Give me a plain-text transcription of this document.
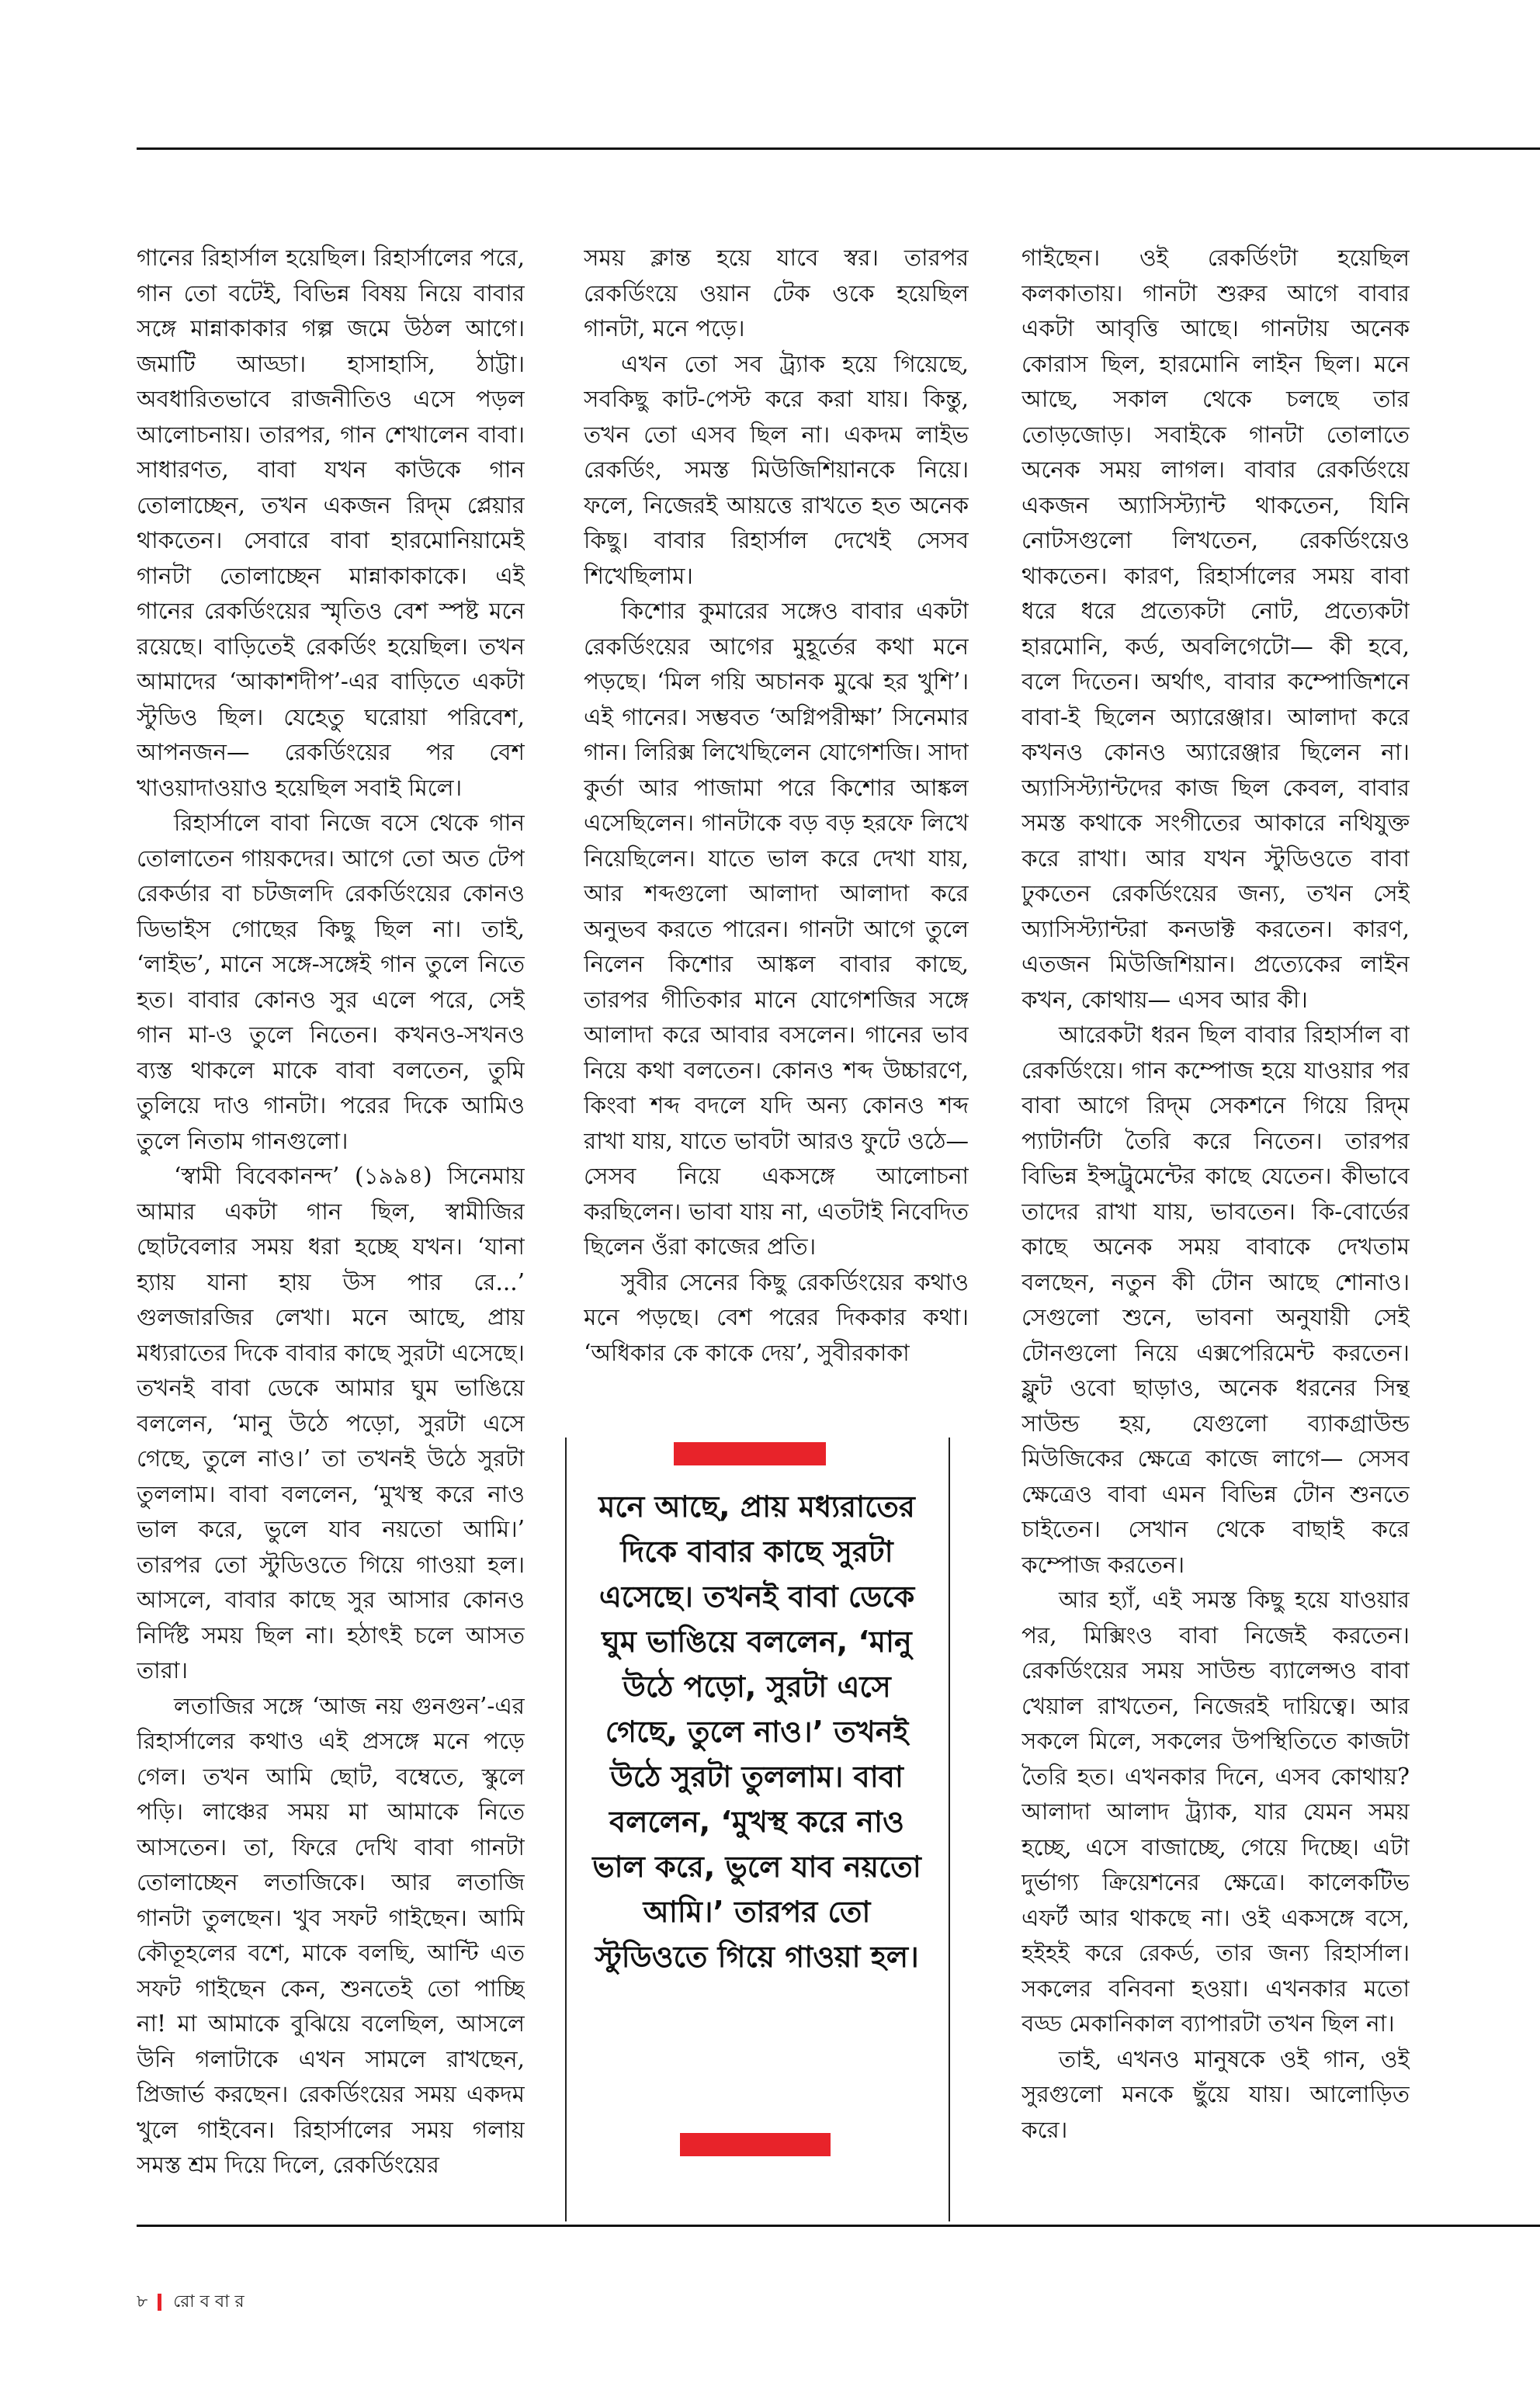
গানের রিহার্সাল হয়েছিল। রিহার্সালের পরে, গান তো বটেই, বিভিন্ন বিষয় নিয়ে বাবার সঙ্গে মান্নাকাকার গল্প জমে উঠল আগে। জমাটি আড্ডা। হাসাহাসি, ঠাট্টা। অবধারিতভাবে রাজনীতিও এসে পড়ল আলোচনায়। তারপর, গান শেখালেন বাবা। সাধারণত, বাবা যখন কাউকে গান তোলাচ্ছেন, তখন একজন রিদ্‌ম প্লেয়ার থাকতেন। সেবারে বাবা হারমোনিয়ামেই গানটা তোলাচ্ছেন মান্নাকাকাকে। এই গানের রেকর্ডিংয়ের স্মৃতিও বেশ স্পষ্ট মনে রয়েছে। বাড়িতেই রেকর্ডিং হয়েছিল। তখন আমাদের ‘আকাশদীপ’-এর বাড়িতে একটা স্টুডিও ছিল। যেহেতু ঘরোয়া পরিবেশ, আপনজন— রেকর্ডিংয়ের পর বেশ খাওয়াদাওয়াও হয়েছিল সবাই মিলে।

রিহার্সালে বাবা নিজে বসে থেকে গান তোলাতেন গায়কদের। আগে তো অত টেপ রেকর্ডার বা চটজলদি রেকর্ডিংয়ের কোনও ডিভাইস গোছের কিছু ছিল না। তাই, ‘লাইভ’, মানে সঙ্গে-সঙ্গেই গান তুলে নিতে হত। বাবার কোনও সুর এলে পরে, সেই গান মা-ও তুলে নিতেন। কখনও-সখনও ব্যস্ত থাকলে মাকে বাবা বলতেন, তুমি তুলিয়ে দাও গানটা। পরের দিকে আমিও তুলে নিতাম গানগুলো।

‘স্বামী বিবেকানন্দ’ (১৯৯৪) সিনেমায় আমার একটা গান ছিল, স্বামীজির ছোটবেলার সময় ধরা হচ্ছে যখন। ‘যানা হ্যায় যানা হায় উস পার রে...’ গুলজারজির লেখা। মনে আছে, প্রায় মধ্যরাতের দিকে বাবার কাছে সুরটা এসেছে। তখনই বাবা ডেকে আমার ঘুম ভাঙিয়ে বললেন, ‘মানু উঠে পড়ো, সুরটা এসে গেছে, তুলে নাও।’ তা তখনই উঠে সুরটা তুললাম। বাবা বললেন, ‘মুখস্থ করে নাও ভাল করে, ভুলে যাব নয়তো আমি।’ তারপর তো স্টুডিওতে গিয়ে গাওয়া হল। আসলে, বাবার কাছে সুর আসার কোনও নির্দিষ্ট সময় ছিল না। হঠাৎই চলে আসত তারা।

লতাজির সঙ্গে ‘আজ নয় গুনগুন’-এর রিহার্সালের কথাও এই প্রসঙ্গে মনে পড়ে গেল। তখন আমি ছোট, বম্বেতে, স্কুলে পড়ি। লাঞ্চের সময় মা আমাকে নিতে আসতেন। তা, ফিরে দেখি বাবা গানটা তোলাচ্ছেন লতাজিকে। আর লতাজি গানটা তুলছেন। খুব সফট গাইছেন। আমি কৌতূহলের বশে, মাকে বলছি, আন্টি এত সফট গাইছেন কেন, শুনতেই তো পাচ্ছি না! মা আমাকে বুঝিয়ে বলেছিল, আসলে উনি গলাটাকে এখন সামলে রাখছেন, প্রিজার্ভ করছেন। রেকর্ডিংয়ের সময় একদম খুলে গাইবেন। রিহার্সালের সময় গলায় সমস্ত শ্রম দিয়ে দিলে, রেকর্ডিংয়ের

সময় ক্লান্ত হয়ে যাবে স্বর। তারপর রেকর্ডিংয়ে ওয়ান টেক ওকে হয়েছিল গানটা, মনে পড়ে।

এখন তো সব ট্র্যাক হয়ে গিয়েছে, সবকিছু কাট-পেস্ট করে করা যায়। কিন্তু, তখন তো এসব ছিল না। একদম লাইভ রেকর্ডিং, সমস্ত মিউজিশিয়ানকে নিয়ে। ফলে, নিজেরই আয়ত্তে রাখতে হত অনেক কিছু। বাবার রিহার্সাল দেখেই সেসব শিখেছিলাম।

কিশোর কুমারের সঙ্গেও বাবার একটা রেকর্ডিংয়ের আগের মুহূর্তের কথা মনে পড়ছে। ‘মিল গয়ি অচানক মুঝে হর খুশি’। এই গানের। সম্ভবত ‘অগ্নিপরীক্ষা’ সিনেমার গান। লিরিক্স লিখেছিলেন যোগেশজি। সাদা কুর্তা আর পাজামা পরে কিশোর আঙ্কল এসেছিলেন। গানটাকে বড় বড় হরফে লিখে নিয়েছিলেন। যাতে ভাল করে দেখা যায়, আর শব্দগুলো আলাদা আলাদা করে অনুভব করতে পারেন। গানটা আগে তুলে নিলেন কিশোর আঙ্কল বাবার কাছে, তারপর গীতিকার মানে যোগেশজির সঙ্গে আলাদা করে আবার বসলেন। গানের ভাব নিয়ে কথা বলতেন। কোনও শব্দ উচ্চারণে, কিংবা শব্দ বদলে যদি অন্য কোনও শব্দ রাখা যায়, যাতে ভাবটা আরও ফুটে ওঠে— সেসব নিয়ে একসঙ্গে আলোচনা করছিলেন। ভাবা যায় না, এতটাই নিবেদিত ছিলেন ওঁরা কাজের প্রতি।

সুবীর সেনের কিছু রেকর্ডিংয়ের কথাও মনে পড়ছে। বেশ পরের দিককার কথা। ‘অধিকার কে কাকে দেয়’, সুবীরকাকা

গাইছেন। ওই রেকর্ডিংটা হয়েছিল কলকাতায়। গানটা শুরুর আগে বাবার একটা আবৃত্তি আছে। গানটায় অনেক কোরাস ছিল, হারমোনি লাইন ছিল। মনে আছে, সকাল থেকে চলছে তার তোড়জোড়। সবাইকে গানটা তোলাতে অনেক সময় লাগল। বাবার রেকর্ডিংয়ে একজন অ্যাসিস্ট্যান্ট থাকতেন, যিনি নোটসগুলো লিখতেন, রেকর্ডিংয়েও থাকতেন। কারণ, রিহার্সালের সময় বাবা ধরে ধরে প্রত্যেকটা নোট, প্রত্যেকটা হারমোনি, কর্ড, অবলিগেটো— কী হবে, বলে দিতেন। অর্থাৎ, বাবার কম্পোজিশনে বাবা-ই ছিলেন অ্যারেঞ্জার। আলাদা করে কখনও কোনও অ্যারেঞ্জার ছিলেন না। অ্যাসিস্ট্যান্টদের কাজ ছিল কেবল, বাবার সমস্ত কথাকে সংগীতের আকারে নথিযুক্ত করে রাখা। আর যখন স্টুডিওতে বাবা ঢুকতেন রেকর্ডিংয়ের জন্য, তখন সেই অ্যাসিস্ট্যান্টরা কনডাক্ট করতেন। কারণ, এতজন মিউজিশিয়ান। প্রত্যেকের লাইন কখন, কোথায়— এসব আর কী।

আরেকটা ধরন ছিল বাবার রিহার্সাল বা রেকর্ডিংয়ে। গান কম্পোজ হয়ে যাওয়ার পর বাবা আগে রিদ্‌ম সেকশনে গিয়ে রিদ্‌ম প্যাটার্নটা তৈরি করে নিতেন। তারপর বিভিন্ন ইন্সট্রুমেন্টের কাছে যেতেন। কীভাবে তাদের রাখা যায়, ভাবতেন। কি-বোর্ডের কাছে অনেক সময় বাবাকে দেখতাম বলছেন, নতুন কী টোন আছে শোনাও। সেগুলো শুনে, ভাবনা অনুযায়ী সেই টোনগুলো নিয়ে এক্সপেরিমেন্ট করতেন। ফ্লুট ওবো ছাড়াও, অনেক ধরনের সিন্থ সাউন্ড হয়, যেগুলো ব্যাকগ্রাউন্ড মিউজিকের ক্ষেত্রে কাজে লাগে— সেসব ক্ষেত্রেও বাবা এমন বিভিন্ন টোন শুনতে চাইতেন। সেখান থেকে বাছাই করে কম্পোজ করতেন।

আর হ্যাঁ, এই সমস্ত কিছু হয়ে যাওয়ার পর, মিক্সিংও বাবা নিজেই করতেন। রেকর্ডিংয়ের সময় সাউন্ড ব্যালেন্সও বাবা খেয়াল রাখতেন, নিজেরই দায়িত্বে। আর সকলে মিলে, সকলের উপস্থিতিতে কাজটা তৈরি হত। এখনকার দিনে, এসব কোথায়? আলাদা আলাদ ট্র্যাক, যার যেমন সময় হচ্ছে, এসে বাজাচ্ছে, গেয়ে দিচ্ছে। এটা দুর্ভাগ্য ক্রিয়েশনের ক্ষেত্রে। কালেকটিভ এফর্ট আর থাকছে না। ওই একসঙ্গে বসে, হইহই করে রেকর্ড, তার জন্য রিহার্সাল। সকলের বনিবনা হওয়া। এখনকার মতো বড্ড মেকানিকাল ব্যাপারটা তখন ছিল না।

তাই, এখনও মানুষকে ওই গান, ওই সুরগুলো মনকে ছুঁয়ে যায়। আলোড়িত করে।

মনে আছে, প্রায় মধ্যরাতের দিকে বাবার কাছে সুরটা এসেছে। তখনই বাবা ডেকে ঘুম ভাঙিয়ে বললেন, ‘মানু উঠে পড়ো, সুরটা এসে গেছে, তুলে নাও।’ তখনই উঠে সুরটা তুললাম। বাবা বললেন, ‘মুখস্থ করে নাও ভাল করে, ভুলে যাব নয়তো আমি।’ তারপর তো স্টুডিওতে গিয়ে গাওয়া হল।
৮ রো ব বা র
